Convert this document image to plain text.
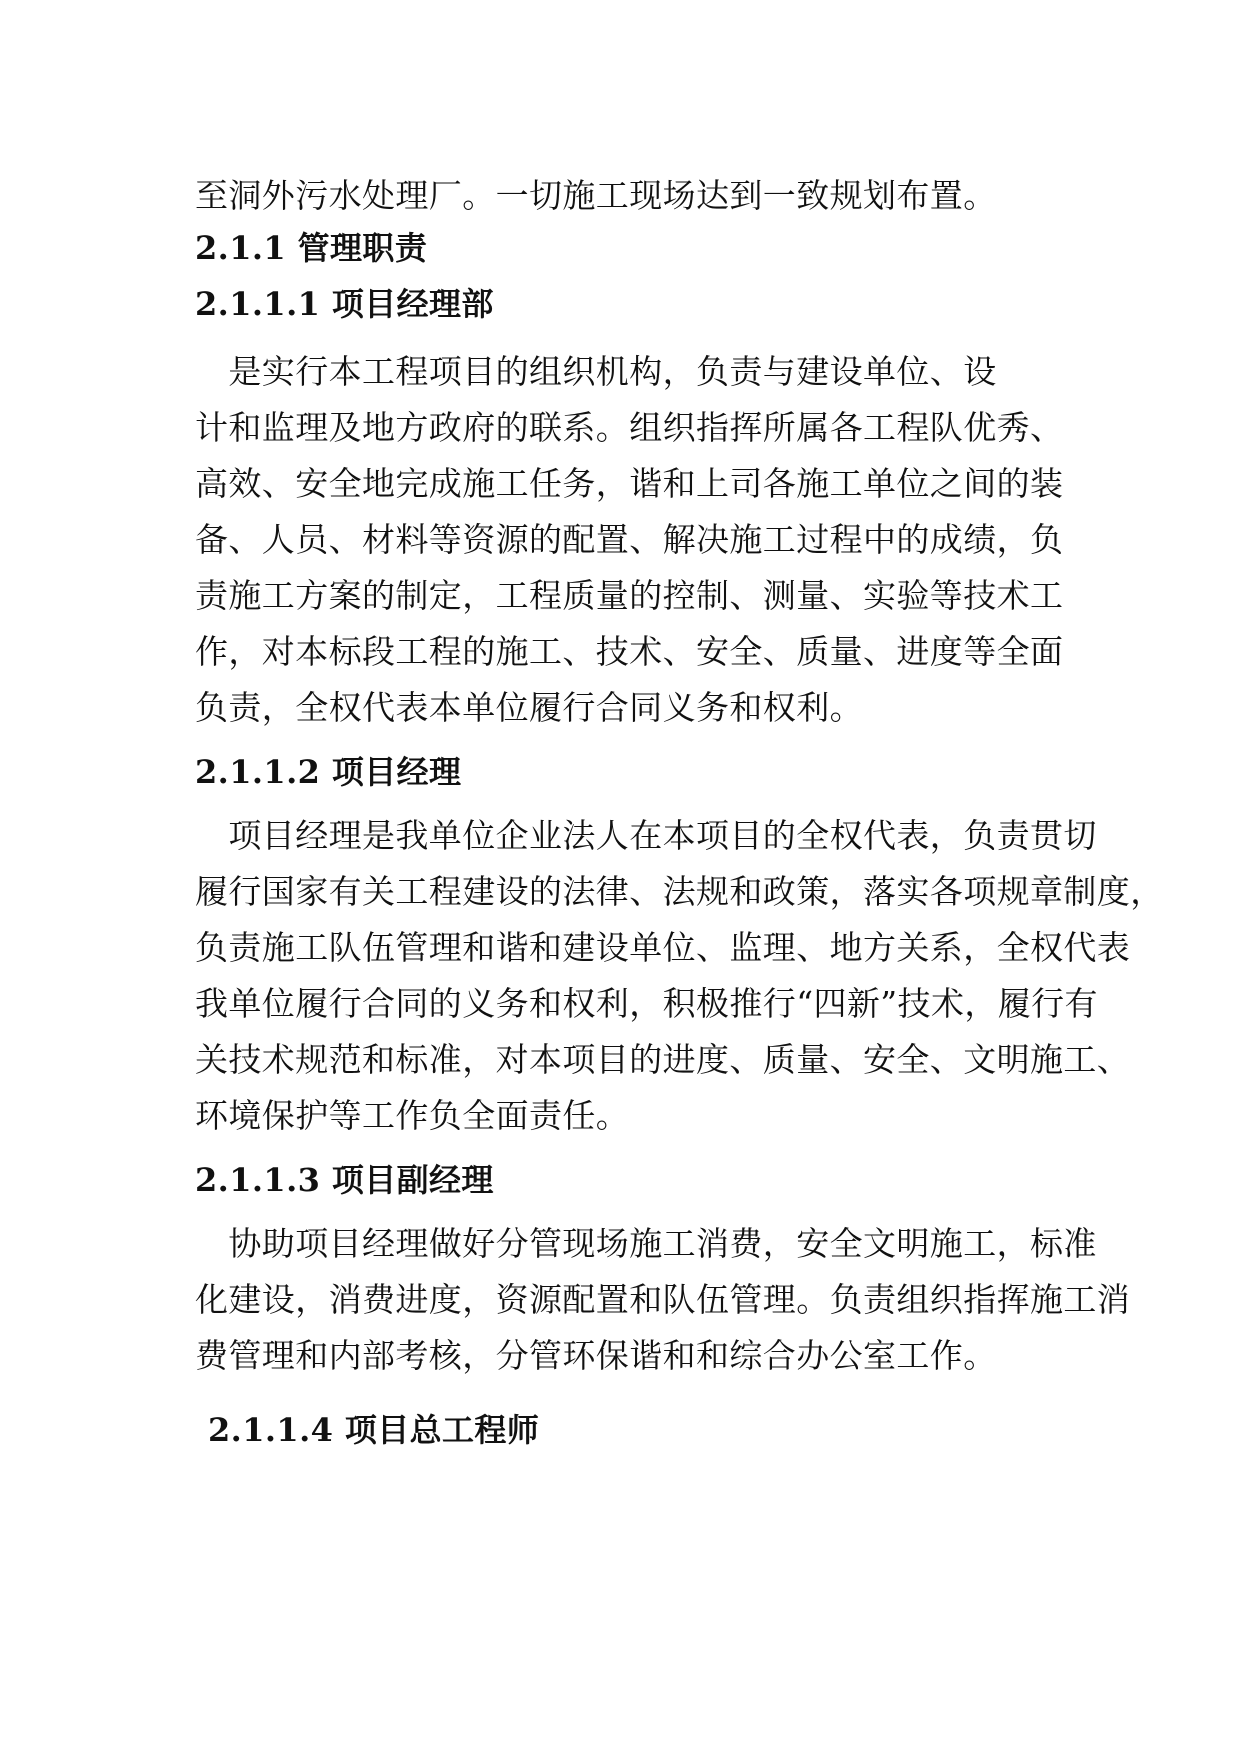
至洞外污水处理厂。一切施工现场达到一致规划布置。
2.1.1 管理职责
2.1.1.1 项目经理部
　是实行本工程项目的组织机构，负责与建设单位、设
计和监理及地方政府的联系。组织指挥所属各工程队优秀、
高效、安全地完成施工任务，谐和上司各施工单位之间的装
备、人员、材料等资源的配置、解决施工过程中的成绩，负
责施工方案的制定，工程质量的控制、测量、实验等技术工
作，对本标段工程的施工、技术、安全、质量、进度等全面
负责，全权代表本单位履行合同义务和权利。
2.1.1.2 项目经理
　项目经理是我单位企业法人在本项目的全权代表，负责贯切
履行国家有关工程建设的法律、法规和政策，落实各项规章制度，
负责施工队伍管理和谐和建设单位、监理、地方关系，全权代表
我单位履行合同的义务和权利，积极推行“四新”技术，履行有
关技术规范和标准，对本项目的进度、质量、安全、文明施工、
环境保护等工作负全面责任。
2.1.1.3 项目副经理
　协助项目经理做好分管现场施工消费，安全文明施工，标准
化建设，消费进度，资源配置和队伍管理。负责组织指挥施工消
费管理和内部考核，分管环保谐和和综合办公室工作。
2.1.1.4 项目总工程师
